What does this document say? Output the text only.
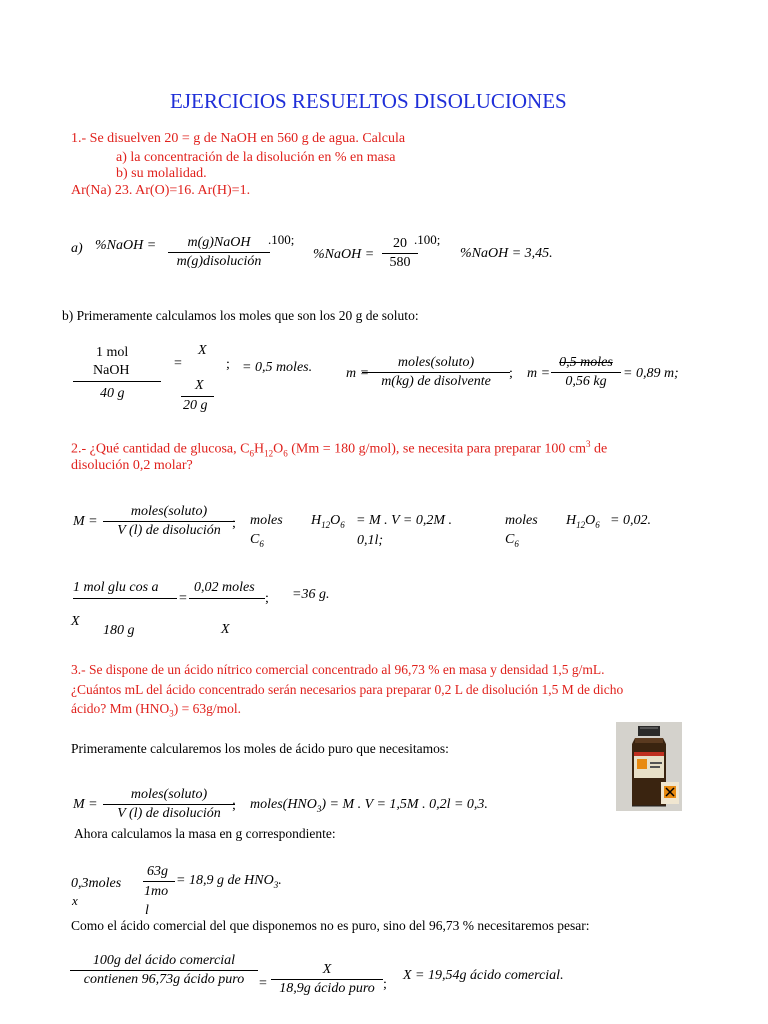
EJERCICIOS RESUELTOS DISOLUCIONES
1.- Se disuelven 20 = g de NaOH en 560 g de agua. Calcula
a) la concentración de la disolución en % en masa
b) su molalidad.
Ar(Na) 23. Ar(O)=16. Ar(H)=1.
a) %NaOH =	m(g)NaOH
m(g)disolución
.100;
%NaOH = $\frac{20}{580}$
.100;
%NaOH = 3,45.
b) Primeramente calculamos los moles que son los 20 g de soluto:
1 mol
NaOH
40 g
=
X
X
20 g
; = 0,5 moles. m =
moles(soluto)
m(kg) de disolvente
; m =
0,5 moles
0,56 kg
= 0,89 m;
2.- ¿Qué cantidad de glucosa, $C_6H_{12}O_6$ (Mm = 180 g/mol), se necesita para preparar 100 $cm^3$ de
disolución 0,2 molar?
M =
moles(soluto)
V (l) de disolución ; moles
$C_6$
$H_{12}O_6 = M$ . V = 0,2M .
0,1l;
moles
$C_6$
$H_{12}O_6 = 0,02$.
1 mol glu cos a
=
0,02 moles
; =36 g.
X
180 g	X
3.- Se dispone de un ácido nítrico comercial concentrado al 96,73 % en masa y densidad 1,5 g/mL.
¿Cuántos mL del ácido concentrado serán necesarios para preparar 0,2 L de disolución 1,5 M de dicho
ácido? Mm $(HNO_3) = 63g/mol$.
Primeramente calcularemos los moles de ácido puro que necesitamos:
M =
moles(soluto)
V (l) de disolución
; $moles(HNO_3) = M$ . V = 1,5M . 0,2l = 0,3.
Ahora calculamos la masa en g correspondiente:
0,3moles
x
63g
1mo
l
= 18,9 g de $HNO_3$.
Como el ácido comercial del que disponemos no es puro, sino del 96,73 % necesitaremos pesar:
100g del ácido comercial
contienen 96,73g ácido puro	=
X
18,9g ácido puro ;
X = 19,54g ácido comercial.
